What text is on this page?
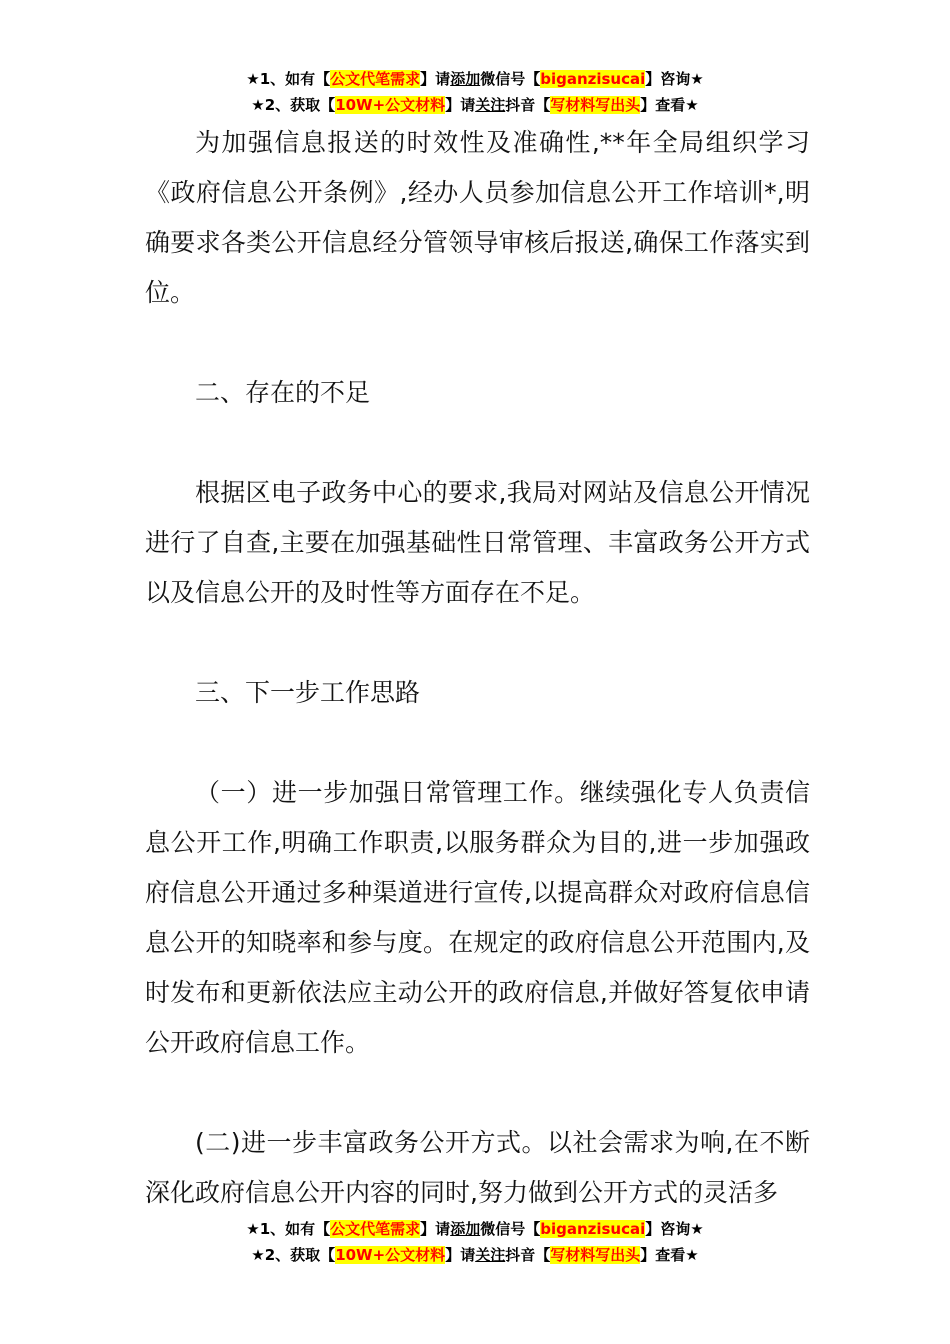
★1、如有【公文代笔需求】请添加微信号【biganzisucai】咨询★
★2、获取【10W+公文材料】请关注抖音【写材料写出头】查看★

为加强信息报送的时效性及准确性,**年全局组织学习《政府信息公开条例》,经办人员参加信息公开工作培训*,明确要求各类公开信息经分管领导审核后报送,确保工作落实到位。

二、存在的不足

根据区电子政务中心的要求,我局对网站及信息公开情况进行了自查,主要在加强基础性日常管理、丰富政务公开方式以及信息公开的及时性等方面存在不足。

三、下一步工作思路

（一）进一步加强日常管理工作。继续强化专人负责信息公开工作,明确工作职责,以服务群众为目的,进一步加强政府信息公开通过多种渠道进行宣传,以提高群众对政府信息信息公开的知晓率和参与度。在规定的政府信息公开范围内,及时发布和更新依法应主动公开的政府信息,并做好答复依申请公开政府信息工作。

(二)进一步丰富政务公开方式。以社会需求为响,在不断深化政府信息公开内容的同时,努力做到公开方式的灵活多

★1、如有【公文代笔需求】请添加微信号【biganzisucai】咨询★
★2、获取【10W+公文材料】请关注抖音【写材料写出头】查看★
